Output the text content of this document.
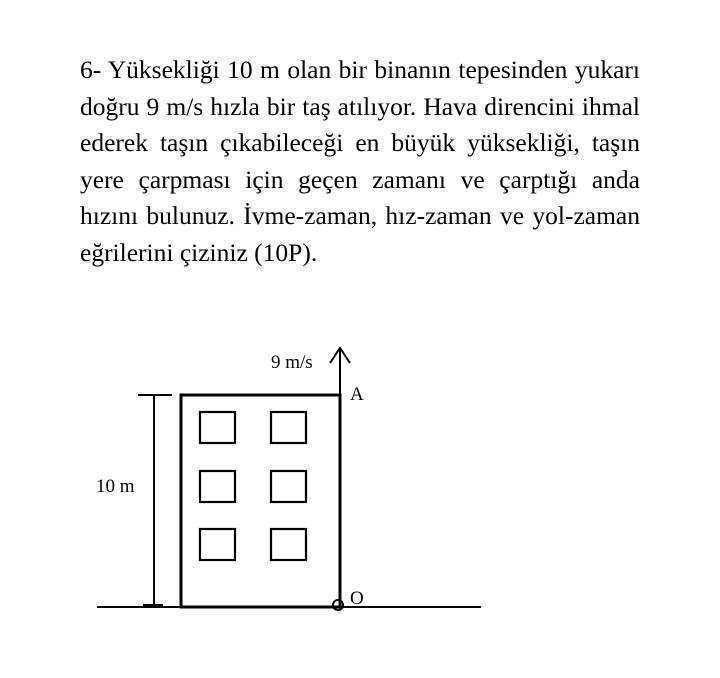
6- Yüksekliği 10 m olan bir binanın tepesinden yukarı doğru 9 m/s hızla bir taş atılıyor. Hava direncini ihmal ederek taşın çıkabileceği en büyük yüksekliği, taşın yere çarpması için geçen zamanı ve çarptığı anda hızını bulunuz. İvme-zaman, hız-zaman ve yol-zaman eğrilerini çiziniz (10P).

9 m/s
A
O
10 m
